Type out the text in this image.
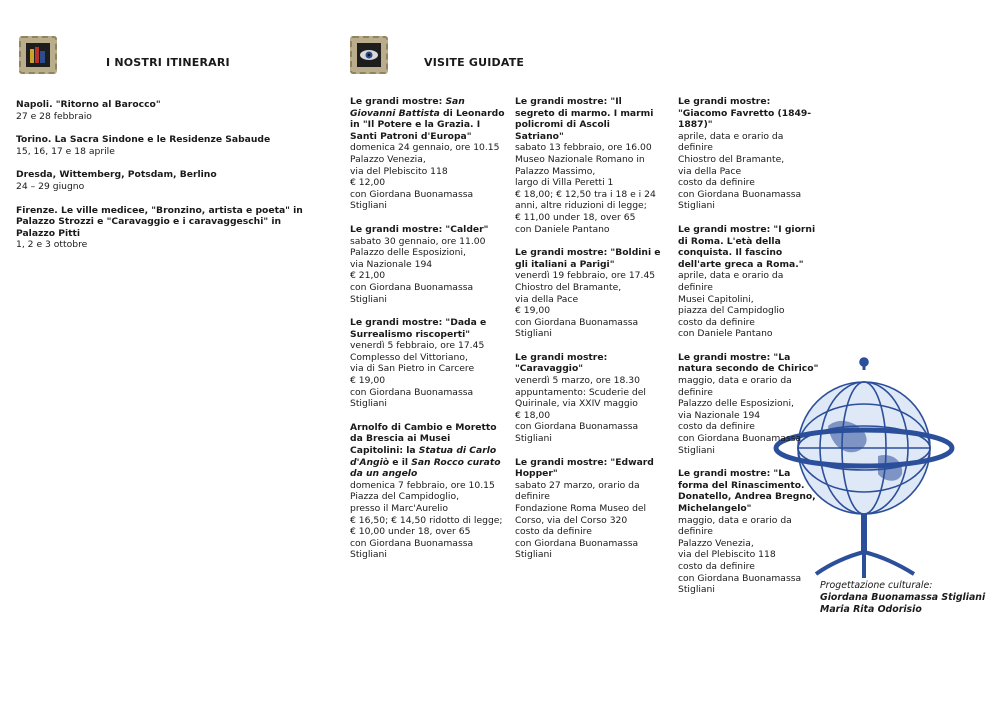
I NOSTRI ITINERARI
Napoli. "Ritorno al Barocco"
27 e 28 febbraio
Torino. La Sacra Sindone e le Residenze Sabaude
15, 16, 17 e 18 aprile
Dresda, Wittemberg, Potsdam, Berlino
24 – 29 giugno
Firenze. Le ville medicee, "Bronzino, artista e poeta" in Palazzo Strozzi e "Caravaggio e i caravaggeschi" in Palazzo Pitti
1, 2 e 3 ottobre
VISITE GUIDATE
Le grandi mostre: San Giovanni Battista di Leonardo in "Il Potere e la Grazia. I Santi Patroni d'Europa"
domenica 24 gennaio, ore 10.15
Palazzo Venezia,
via del Plebiscito 118
€ 12,00
con Giordana Buonamassa Stigliani
Le grandi mostre: "Calder"
sabato 30 gennaio, ore 11.00
Palazzo delle Esposizioni,
via Nazionale 194
€ 21,00
con Giordana Buonamassa Stigliani
Le grandi mostre: "Dada e Surrealismo riscoperti"
venerdì 5 febbraio, ore 17.45
Complesso del Vittoriano,
via di San Pietro in Carcere
€ 19,00
con Giordana Buonamassa Stigliani
Arnolfo di Cambio e Moretto da Brescia ai Musei Capitolini: la Statua di Carlo d'Angiò e il San Rocco curato da un angelo
domenica 7 febbraio, ore 10.15
Piazza del Campidoglio,
presso il Marc'Aurelio
€ 16,50; € 14,50 ridotto di legge; € 10,00 under 18, over 65
con Giordana Buonamassa Stigliani
Le grandi mostre: "Il segreto di marmo. I marmi policromi di Ascoli Satriano"
sabato 13 febbraio, ore 16.00
Museo Nazionale Romano in Palazzo Massimo,
largo di Villa Peretti 1
€ 18,00; € 12,50 tra i 18 e i 24 anni, altre riduzioni di legge;
€ 11,00 under 18, over 65
con Daniele Pantano
Le grandi mostre: "Boldini e gli italiani a Parigi"
venerdì 19 febbraio, ore 17.45
Chiostro del Bramante,
via della Pace
€ 19,00
con Giordana Buonamassa Stigliani
Le grandi mostre: "Caravaggio"
venerdì 5 marzo, ore 18.30
appuntamento: Scuderie del Quirinale, via XXIV maggio
€ 18,00
con Giordana Buonamassa Stigliani
Le grandi mostre: "Edward Hopper"
sabato 27 marzo, orario da definire
Fondazione Roma Museo del Corso, via del Corso 320
costo da definire
con Giordana Buonamassa Stigliani
Le grandi mostre: "Giacomo Favretto (1849-1887)"
aprile, data e orario da definire
Chiostro del Bramante,
via della Pace
costo da definire
con Giordana Buonamassa Stigliani
Le grandi mostre: "I giorni di Roma. L'età della conquista. Il fascino dell'arte greca a Roma."
aprile, data e orario da definire
Musei Capitolini,
piazza del Campidoglio
costo da definire
con Daniele Pantano
Le grandi mostre: "La natura secondo de Chirico"
maggio, data e orario da definire
Palazzo delle Esposizioni,
via Nazionale 194
costo da definire
con Giordana Buonamassa Stigliani
Le grandi mostre: "La forma del Rinascimento. Donatello, Andrea Bregno, Michelangelo"
maggio, data e orario da definire
Palazzo Venezia,
via del Plebiscito 118
costo da definire
con Giordana Buonamassa Stigliani	Progettazione culturale:
Giordana Buonamassa Stigliani
Maria Rita Odorisio
